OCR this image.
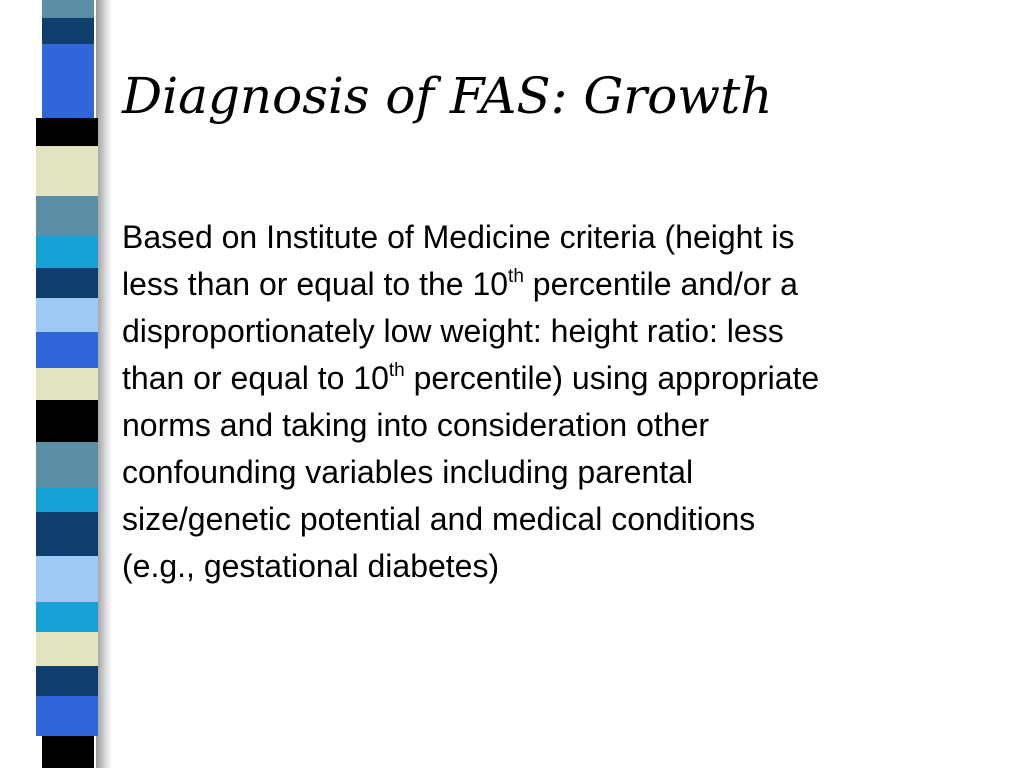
Diagnosis of FAS: Growth
Based on Institute of Medicine criteria (height is
less than or equal to the 10th percentile and/or a
disproportionately low weight: height ratio: less
than or equal to 10th percentile) using appropriate
norms and taking into consideration other
confounding variables including parental
size/genetic potential and medical conditions
(e.g., gestational diabetes)
